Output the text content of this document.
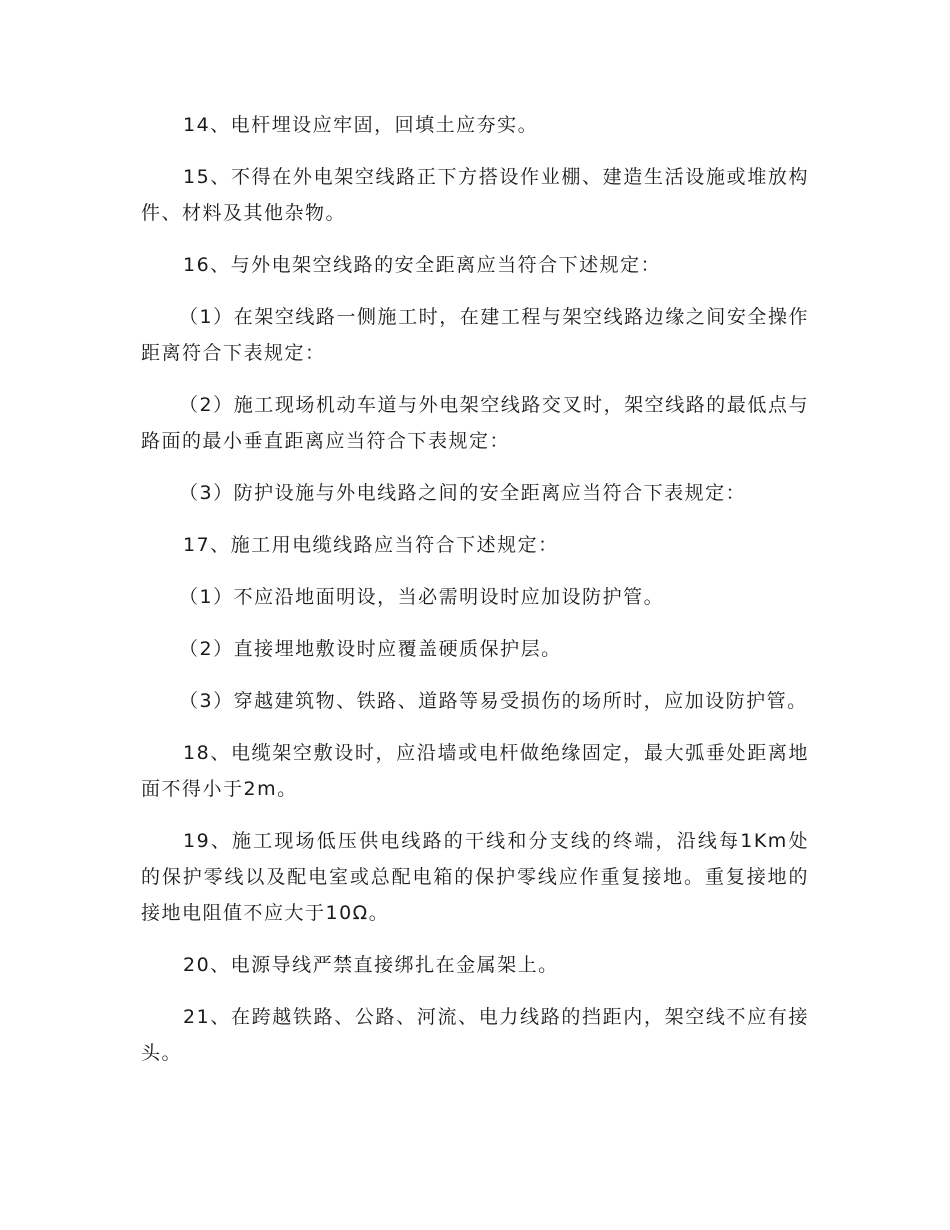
14、电杆埋设应牢固，回填土应夯实。

15、不得在外电架空线路正下方搭设作业棚、建造生活设施或堆放构件、材料及其他杂物。

16、与外电架空线路的安全距离应当符合下述规定：

（1）在架空线路一侧施工时，在建工程与架空线路边缘之间安全操作距离符合下表规定：

（2）施工现场机动车道与外电架空线路交叉时，架空线路的最低点与路面的最小垂直距离应当符合下表规定：

（3）防护设施与外电线路之间的安全距离应当符合下表规定：

17、施工用电缆线路应当符合下述规定：

（1）不应沿地面明设，当必需明设时应加设防护管。

（2）直接埋地敷设时应覆盖硬质保护层。

（3）穿越建筑物、铁路、道路等易受损伤的场所时，应加设防护管。

18、电缆架空敷设时，应沿墙或电杆做绝缘固定，最大弧垂处距离地面不得小于2m。

19、施工现场低压供电线路的干线和分支线的终端，沿线每1Km处的保护零线以及配电室或总配电箱的保护零线应作重复接地。重复接地的接地电阻值不应大于10Ω。

20、电源导线严禁直接绑扎在金属架上。

21、在跨越铁路、公路、河流、电力线路的挡距内，架空线不应有接头。
